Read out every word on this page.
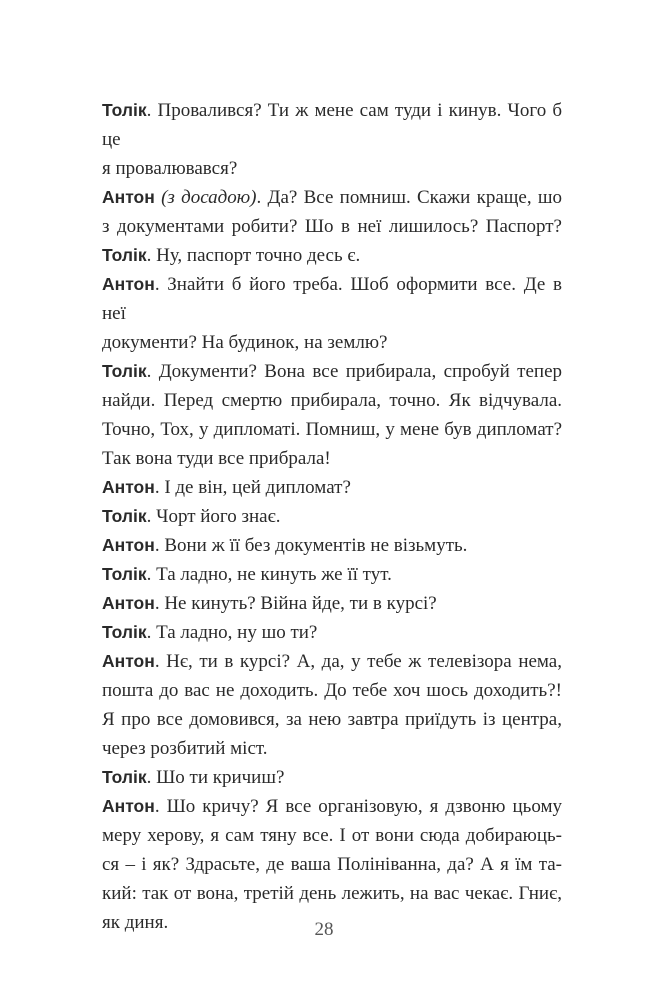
Толік. Провалився? Ти ж мене сам туди і кинув. Чого б це
я провалювався?
Антон (з досадою). Да? Все помниш. Скажи краще, шо
з документами робити? Шо в неї лишилось? Паспорт?
Толік. Ну, паспорт точно десь є.
Антон. Знайти б його треба. Шоб оформити все. Де в неї
документи? На будинок, на землю?
Толік. Документи? Вона все прибирала, спробуй тепер
найди. Перед смертю прибирала, точно. Як відчувала.
Точно, Тох, у дипломаті. Помниш, у мене був дипломат?
Так вона туди все прибрала!
Антон. І де він, цей дипломат?
Толік. Чорт його знає.
Антон. Вони ж її без документів не візьмуть.
Толік. Та ладно, не кинуть же її тут.
Антон. Не кинуть? Війна йде, ти в курсі?
Толік. Та ладно, ну шо ти?
Антон. Нє, ти в курсі? А, да, у тебе ж телевізора нема,
пошта до вас не доходить. До тебе хоч шось доходить?!
Я про все домовився, за нею завтра приїдуть із центра,
через розбитий міст.
Толік. Шо ти кричиш?
Антон. Шо кричу? Я все організовую, я дзвоню цьому
меру херову, я сам тяну все. І от вони сюда добираюць-
ся – і як? Здрасьте, де ваша Полініванна, да? А я їм та-
кий: так от вона, третій день лежить, на вас чекає. Гниє,
як диня.	28
